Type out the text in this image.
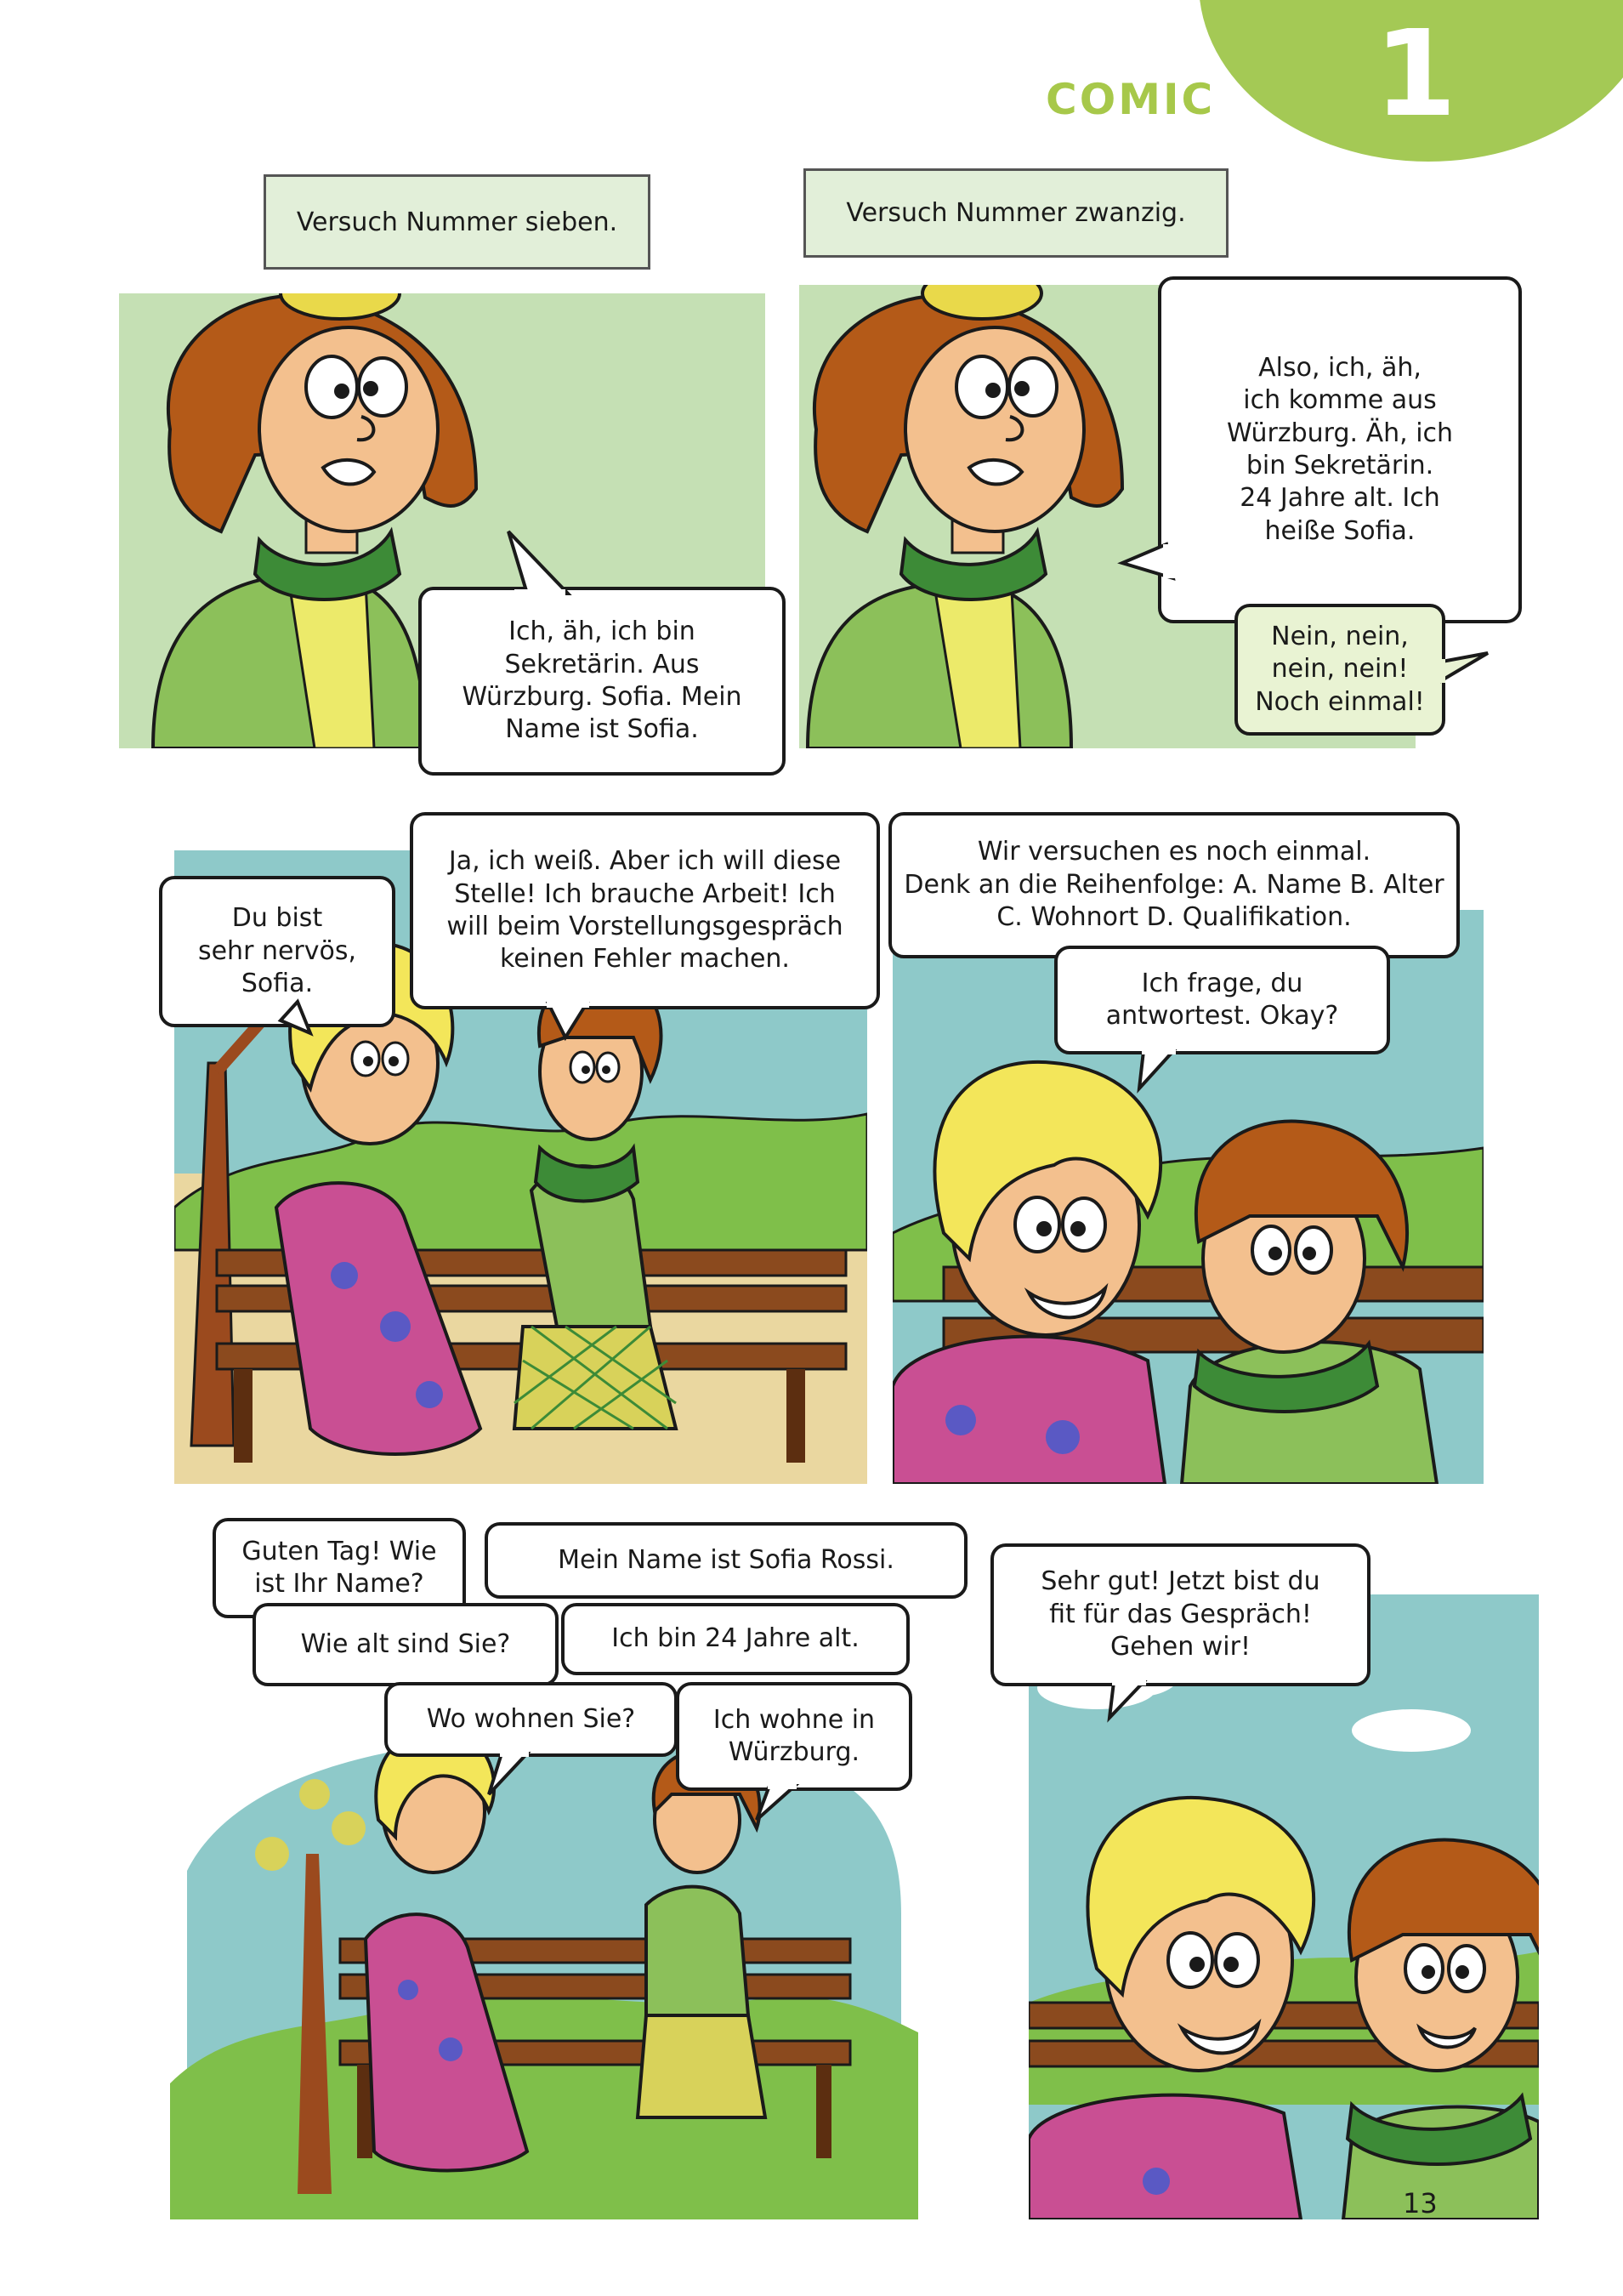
1
COMIC
Versuch Nummer sieben.
Ich, äh, ich bin
Sekretärin. Aus
Würzburg. Sofia. Mein
Name ist Sofia.
Versuch Nummer zwanzig.
Also, ich, äh,
ich komme aus
Würzburg. Äh, ich
bin Sekretärin.
24 Jahre alt. Ich
heiße Sofia.
Nein, nein,
nein, nein!
Noch einmal!
Du bist
sehr nervös,
Sofia.
Ja, ich weiß. Aber ich will diese
Stelle! Ich brauche Arbeit! Ich
will beim Vorstellungsgespräch
keinen Fehler machen.
Wir versuchen es noch einmal.
Denk an die Reihenfolge: A. Name B. Alter
C. Wohnort D. Qualifikation.
Ich frage, du
antwortest. Okay?
Guten Tag! Wie
ist Ihr Name?
Mein Name ist Sofia Rossi.
Wie alt sind Sie?	Ich bin 24 Jahre alt.
Wo wohnen Sie?	Ich wohne in
Würzburg.
Sehr gut! Jetzt bist du
fit für das Gespräch!
Gehen wir!
13
